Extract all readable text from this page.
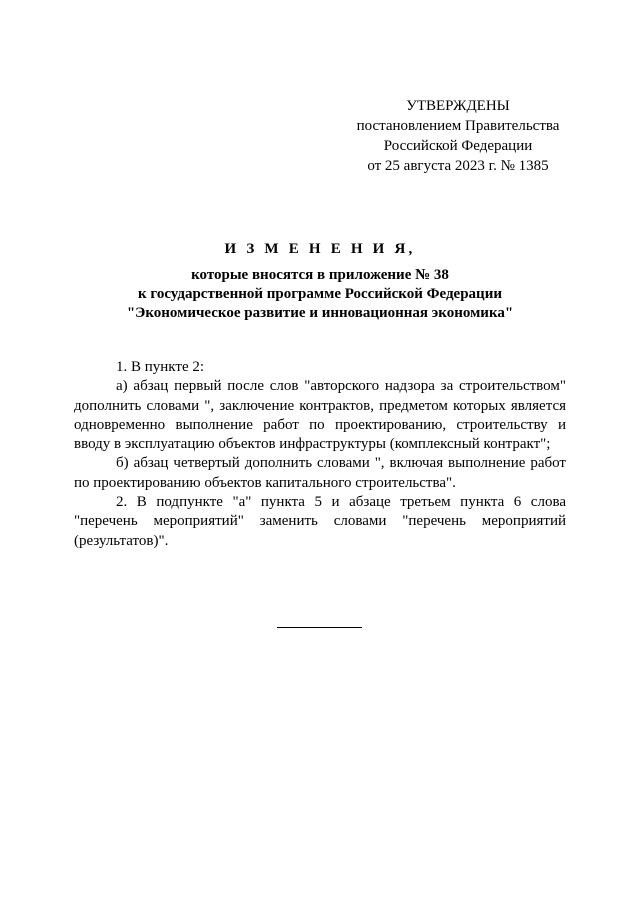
УТВЕРЖДЕНЫ
постановлением Правительства
Российской Федерации
от 25 августа 2023 г. № 1385
И З М Е Н Е Н И Я,
которые вносятся в приложение № 38
к государственной программе Российской Федерации
"Экономическое развитие и инновационная экономика"

1. В пункте 2:

а) абзац первый после слов "авторского надзора за строительством" дополнить словами ", заключение контрактов, предметом которых является одновременно выполнение работ по проектированию, строительству и вводу в эксплуатацию объектов инфраструктуры (комплексный контракт";

б) абзац четвертый дополнить словами ", включая выполнение работ по проектированию объектов капитального строительства".

2. В подпункте "а" пункта 5 и абзаце третьем пункта 6 слова "перечень мероприятий" заменить словами "перечень мероприятий (результатов)".
